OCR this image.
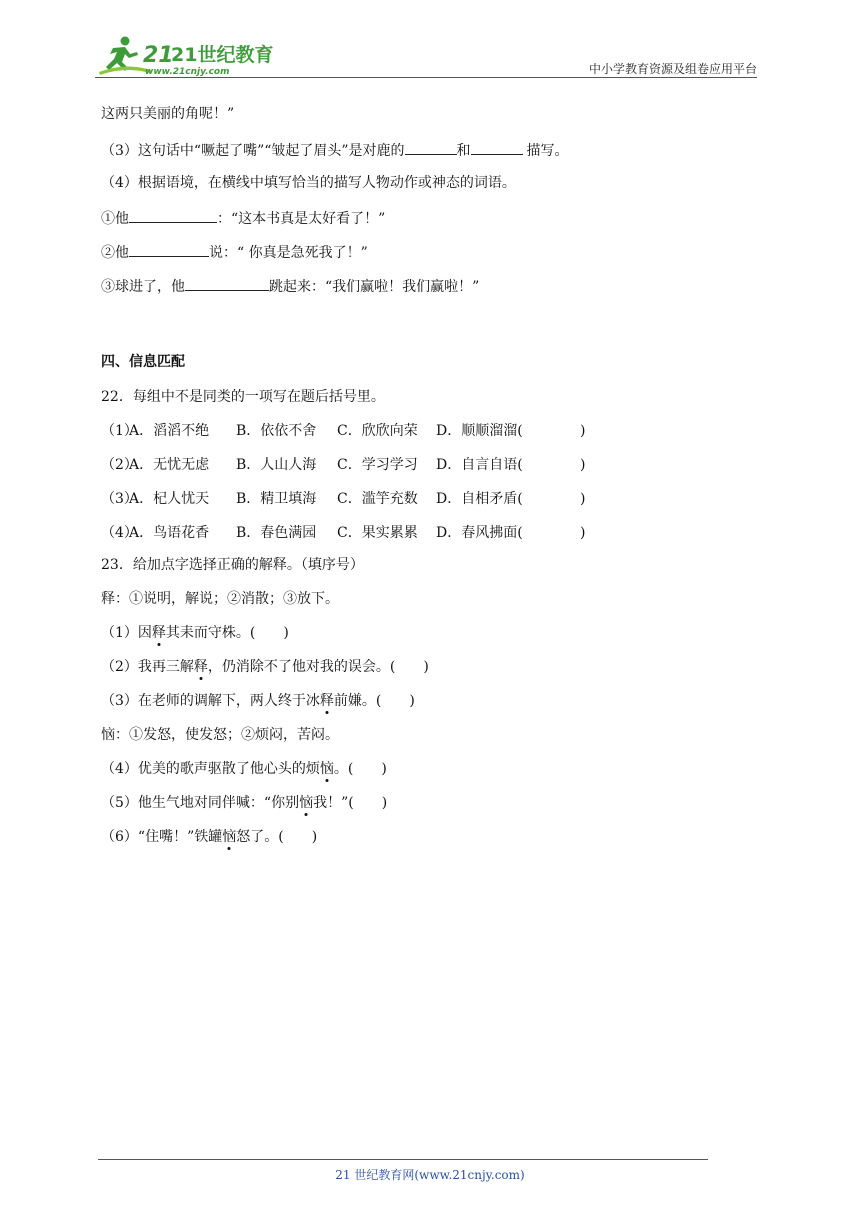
21
21世纪教育
www.21cnjy.com	中小学教育资源及组卷应用平台
这两只美丽的角呢！”
（3）这句话中“噘起了嘴”“皱起了眉头”是对鹿的	和	描写。
（4）根据语境，在横线中填写恰当的描写人物动作或神态的词语。
①他	：“这本书真是太好看了！”
②他	说：“ 你真是急死我了！”
③球进了，他	跳起来：“我们赢啦！我们赢啦！”
四、信息匹配
22．每组中不是同类的一项写在题后括号里。
（1）
A．滔滔不绝 B．依依不舍 C．欣欣向荣 D．顺顺溜溜(	)
（2）
A．无忧无虑 B．人山人海 C．学习学习 D．自言自语(	)
（3）
A．杞人忧天 B．精卫填海 C．滥竽充数 D．自相矛盾(	)
（4）
A．鸟语花香 B．春色满园 C．果实累累 D．春风拂面(	)
23．给加点字选择正确的解释。（填序号）
释：①说明，解说；②消散；③放下。
（1）因释其耒而守株。(　　)
（2）我再三解释，仍消除不了他对我的误会。(　　)
（3）在老师的调解下，两人终于冰释前嫌。(　　)
恼：①发怒，使发怒；②烦闷，苦闷。
（4）优美的歌声驱散了他心头的烦恼。(　　)
（5）他生气地对同伴喊：“你别恼我！”(　　)
（6）“住嘴！”铁罐恼怒了。(　　)
21 世纪教育网(www.21cnjy.com)
